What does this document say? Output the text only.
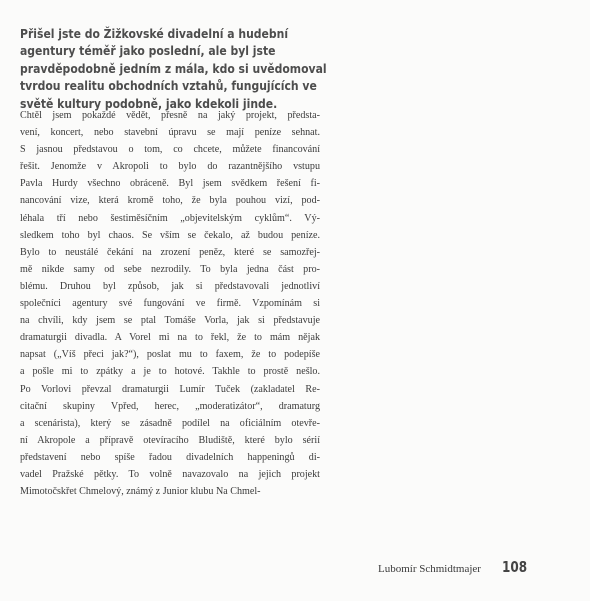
Přišel jste do Žižkovské divadelní a hudební
agentury téměř jako poslední, ale byl jste
pravděpodobně jedním z mála, kdo si uvědomoval
tvrdou realitu obchodních vztahů, fungujících ve
světě kultury podobně, jako kdekoli jinde.
Chtěl jsem pokaždé vědět, přesně na jaký projekt, předsta-
vení, koncert, nebo stavební úpravu se mají peníze sehnat.
S jasnou představou o tom, co chcete, můžete financování
řešit. Jenomže v Akropoli to bylo do razantnějšího vstupu
Pavla Hurdy všechno obráceně. Byl jsem svědkem řešení fi-
nancování vize, která kromě toho, že byla pouhou vizí, pod-
léhala tří nebo šestiměsíčním „objevitelským cyklům“. Vý-
sledkem toho byl chaos. Se vším se čekalo, až budou peníze.
Bylo to neustálé čekání na zrození peněz, které se samozřej-
mě nikde samy od sebe nezrodily. To byla jedna část pro-
blému. Druhou byl způsob, jak si představovali jednotliví
společníci agentury své fungování ve firmě. Vzpomínám si
na chvíli, kdy jsem se ptal Tomáše Vorla, jak si představuje
dramaturgii divadla. A Vorel mi na to řekl, že to mám nějak
napsat („Víš přeci jak?“), poslat mu to faxem, že to podepíše
a pošle mi to zpátky a je to hotové. Takhle to prostě nešlo.
Po Vorlovi převzal dramaturgii Lumír Tuček (zakladatel Re-
citační skupiny Vpřed, herec, „moderatizátor“, dramaturg
a scenárista), který se zásadně podílel na oficiálním otevře-
ní Akropole a přípravě otevíracího Bludiště, které bylo sérií
představení nebo spíše řadou divadelních happeningů di-
vadel Pražské pětky. To volně navazovalo na jejich projekt
Mimotočskřet Chmelový, známý z Junior klubu Na Chmel-
Lubomír Schmidtmajer 108
